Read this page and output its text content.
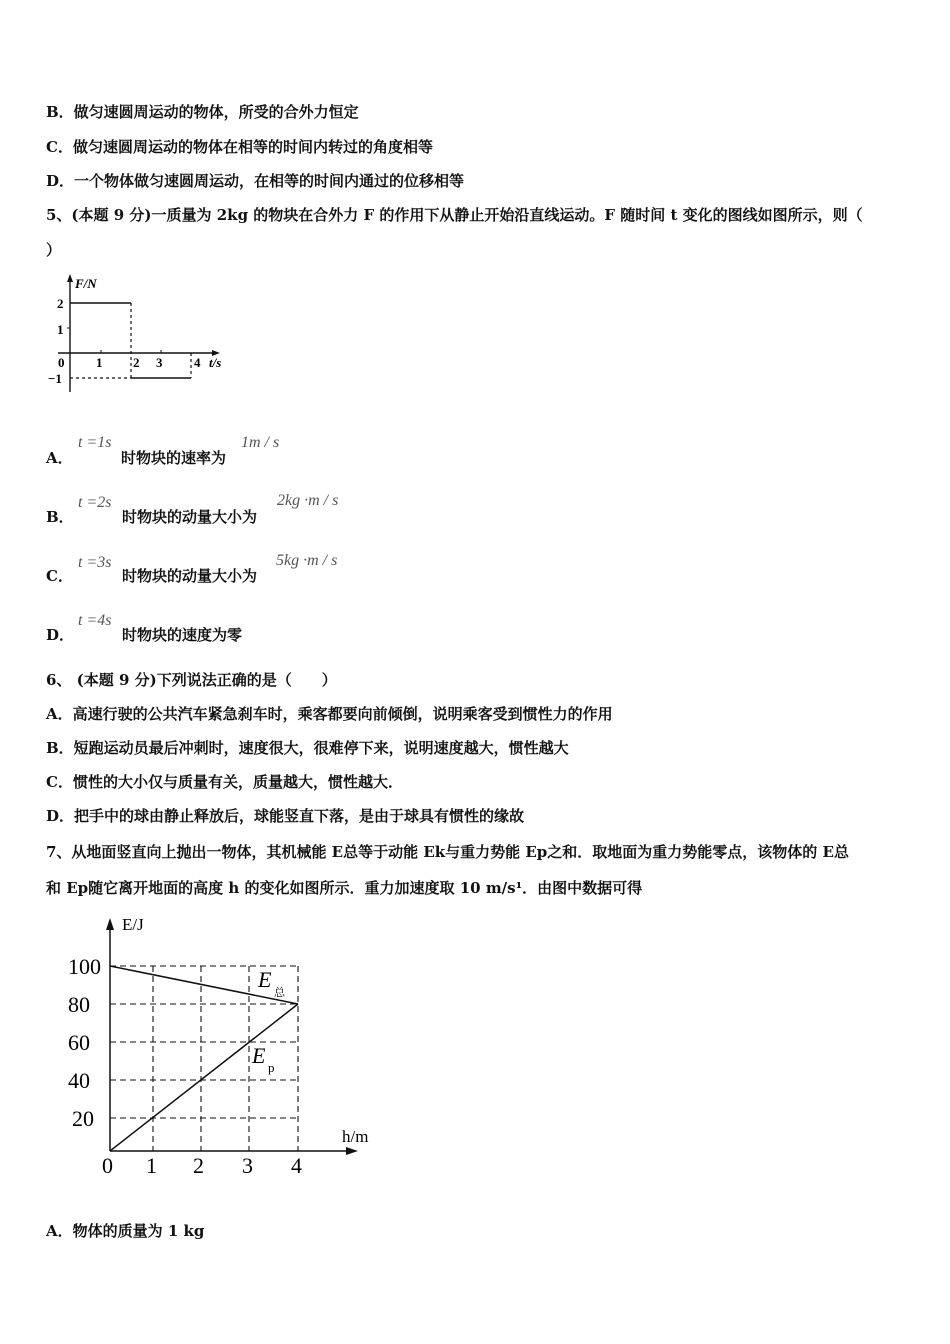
B．做匀速圆周运动的物体，所受的合外力恒定
C．做匀速圆周运动的物体在相等的时间内转过的角度相等
D．一个物体做匀速圆周运动，在相等的时间内通过的位移相等
5、(本题 9 分)一质量为 2kg 的物块在合外力 F 的作用下从静止开始沿直线运动。F 随时间 t 变化的图线如图所示，则（
）
F/N
t/s
2
1
0
−1
1 2 3 4
A．
t =1s
时物块的速率为
1m / s
B．
t =2s
时物块的动量大小为
2kg ·m / s
C．
t =3s
时物块的动量大小为
5kg ·m / s
D．
t =4s
时物块的速度为零
6、 (本题 9 分)下列说法正确的是（　　）
A．高速行驶的公共汽车紧急刹车时，乘客都要向前倾倒，说明乘客受到惯性力的作用
B．短跑运动员最后冲刺时，速度很大，很难停下来，说明速度越大，惯性越大
C．惯性的大小仅与质量有关，质量越大，惯性越大．
D．把手中的球由静止释放后，球能竖直下落，是由于球具有惯性的缘故
7、从地面竖直向上抛出一物体，其机械能 E总等于动能 Ek与重力势能 Ep之和．取地面为重力势能零点，该物体的 E总
和 Ep随它离开地面的高度 h 的变化如图所示．重力加速度取 10 m/s¹．由图中数据可得
E/J
h/m
100
80
60
40
20
0 1 2 3 4
E
总
E p
A．物体的质量为 1 kg
